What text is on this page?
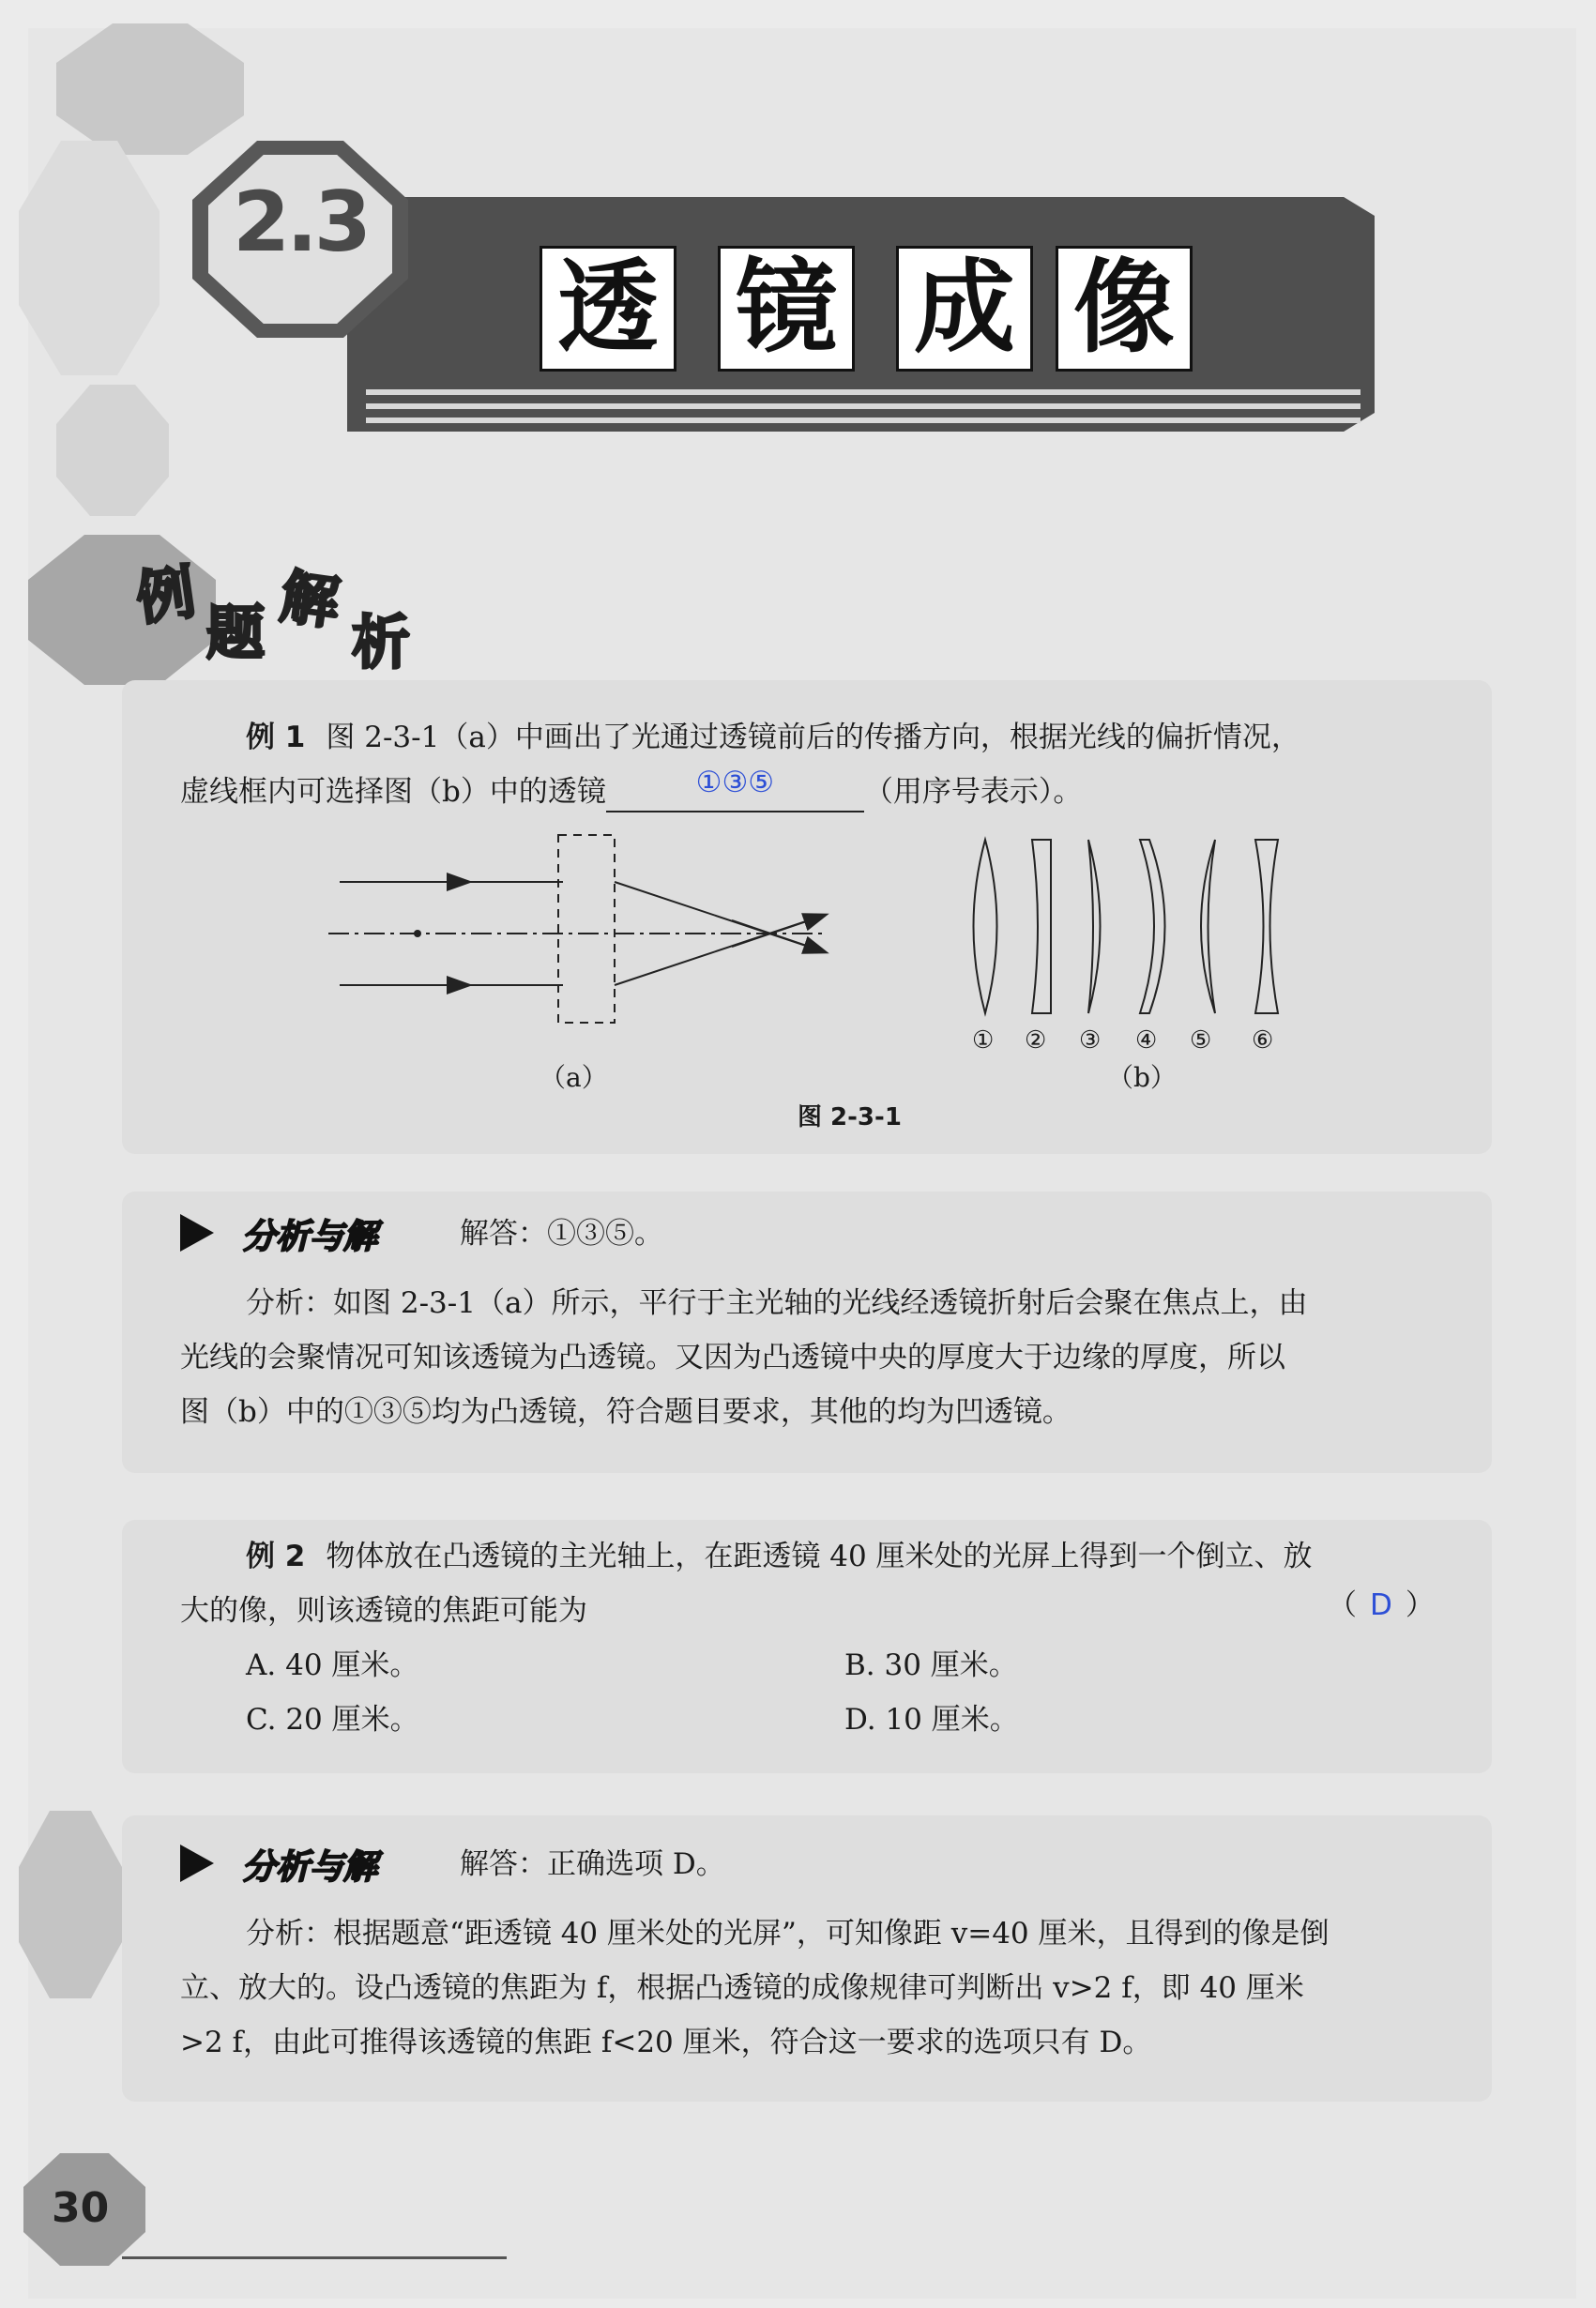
2.3
透 镜 成 像
例 题 解
析
例 1 图 2-3-1（a）中画出了光通过透镜前后的传播方向，根据光线的偏折情况，
虚线框内可选择图（b）中的透镜	①③⑤	（用序号表示）。
（a）
① ② ③ ④ ⑤ ⑥
（b）
图 2-3-1
分析与解	解答：①③⑤。
分析：如图 2-3-1（a）所示，平行于主光轴的光线经透镜折射后会聚在焦点上，由
光线的会聚情况可知该透镜为凸透镜。又因为凸透镜中央的厚度大于边缘的厚度，所以
图（b）中的①③⑤均为凸透镜，符合题目要求，其他的均为凹透镜。
例 2 物体放在凸透镜的主光轴上，在距透镜 40 厘米处的光屏上得到一个倒立、放
大的像，则该透镜的焦距可能为	（ D ）
A. 40 厘米。	B. 30 厘米。
C. 20 厘米。	D. 10 厘米。
分析与解	解答：正确选项 D。
分析：根据题意“距透镜 40 厘米处的光屏”，可知像距 v=40 厘米，且得到的像是倒
立、放大的。设凸透镜的焦距为 f，根据凸透镜的成像规律可判断出 v>2 f，即 40 厘米
>2 f，由此可推得该透镜的焦距 f<20 厘米，符合这一要求的选项只有 D。
30
